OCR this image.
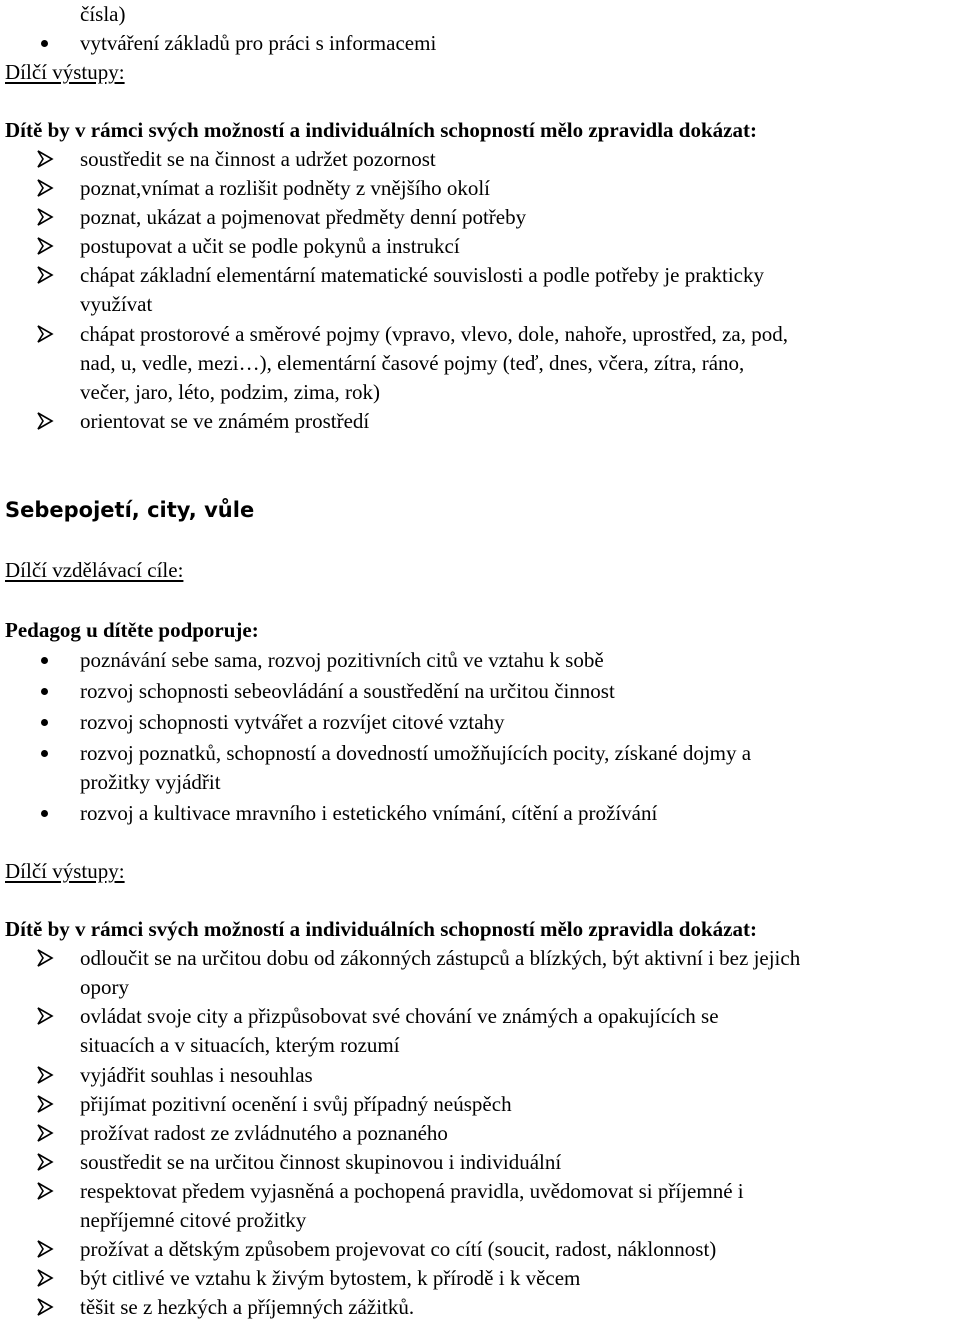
čísla)
vytváření základů pro práci s informacemi
Dílčí výstupy:
Dítě by v rámci svých možností a individuálních schopností mělo zpravidla dokázat:
soustředit se na činnost a udržet pozornost
poznat,vnímat a rozlišit podněty z vnějšího okolí
poznat, ukázat a pojmenovat předměty denní potřeby
postupovat a učit se podle pokynů a instrukcí
chápat základní elementární matematické souvislosti a podle potřeby je prakticky
využívat
chápat prostorové a směrové pojmy (vpravo, vlevo, dole, nahoře, uprostřed, za, pod,
nad, u, vedle, mezi…), elementární časové pojmy (teď, dnes, včera, zítra, ráno,
večer, jaro, léto, podzim, zima, rok)
orientovat se ve známém prostředí
Sebepojetí, city, vůle
Dílčí vzdělávací cíle:
Pedagog u dítěte podporuje:
poznávání sebe sama, rozvoj pozitivních citů ve vztahu k sobě
rozvoj schopnosti sebeovládání a soustředění na určitou činnost
rozvoj schopnosti vytvářet a rozvíjet citové vztahy
rozvoj poznatků, schopností a dovedností umožňujících pocity, získané dojmy a
prožitky vyjádřit
rozvoj a kultivace mravního i estetického vnímání, cítění a prožívání
Dílčí výstupy:
Dítě by v rámci svých možností a individuálních schopností mělo zpravidla dokázat:
odloučit se na určitou dobu od zákonných zástupců a blízkých, být aktivní i bez jejich
opory
ovládat svoje city a přizpůsobovat své chování ve známých a opakujících se
situacích a v situacích, kterým rozumí
vyjádřit souhlas i nesouhlas
přijímat pozitivní ocenění i svůj případný neúspěch
prožívat radost ze zvládnutého a poznaného
soustředit se na určitou činnost skupinovou i individuální
respektovat předem vyjasněná a pochopená pravidla, uvědomovat si příjemné i
nepříjemné citové prožitky
prožívat a dětským způsobem projevovat co cítí (soucit, radost, náklonnost)
být citlivé ve vztahu k živým bytostem, k přírodě i k věcem
těšit se z hezkých a příjemných zážitků.
